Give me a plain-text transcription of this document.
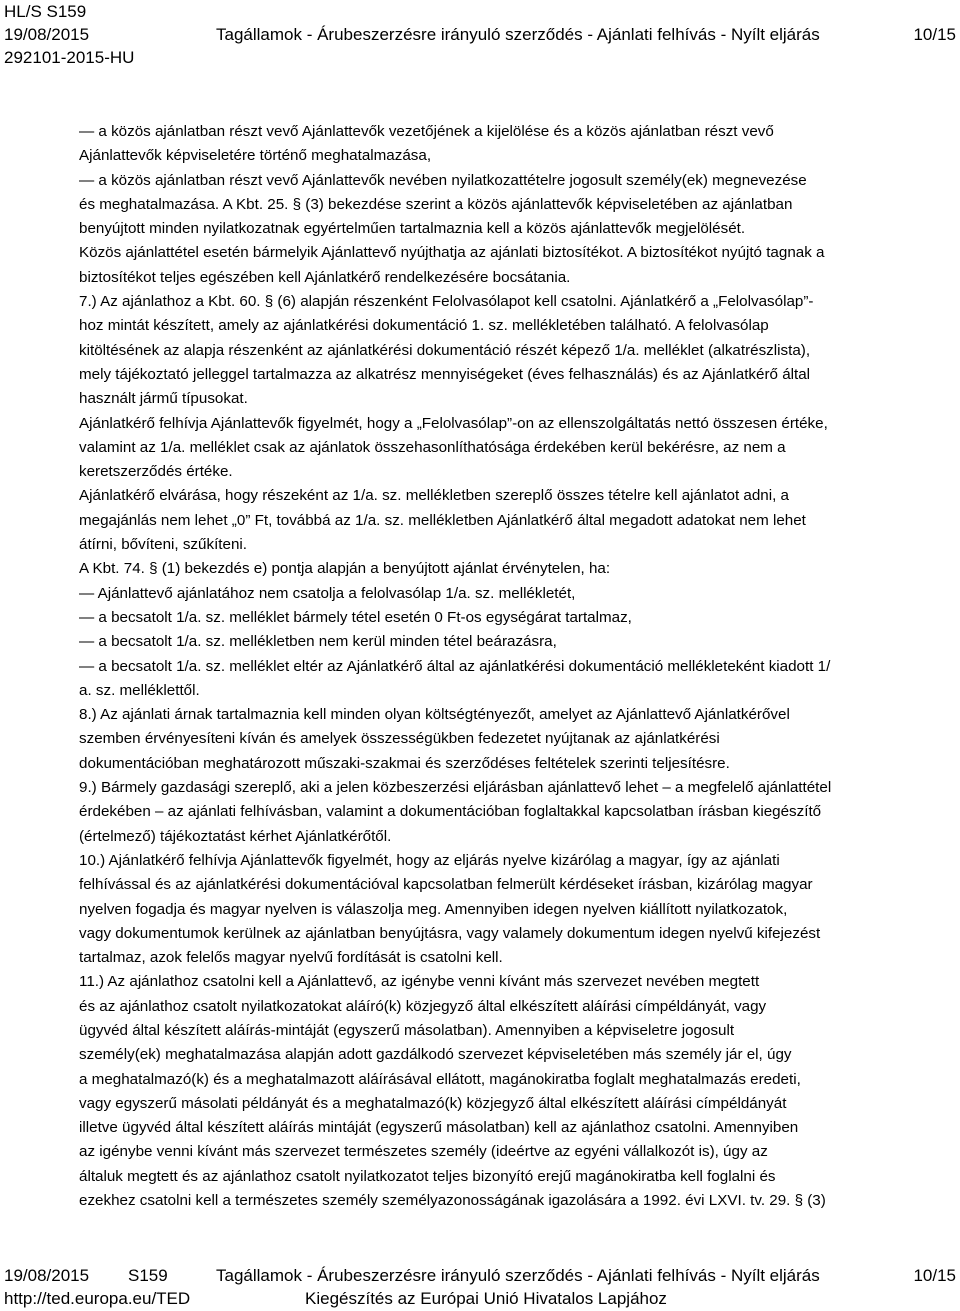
HL/S S159
19/08/2015	Tagállamok - Árubeszerzésre irányuló szerződés - Ajánlati felhívás - Nyílt eljárás	10/15
292101-2015-HU
— a közös ajánlatban részt vevő Ajánlattevők vezetőjének a kijelölése és a közös ajánlatban részt vevő
Ajánlattevők képviseletére történő meghatalmazása,
— a közös ajánlatban részt vevő Ajánlattevők nevében nyilatkozattételre jogosult személy(ek) megnevezése
és meghatalmazása. A Kbt. 25. § (3) bekezdése szerint a közös ajánlattevők képviseletében az ajánlatban
benyújtott minden nyilatkozatnak egyértelműen tartalmaznia kell a közös ajánlattevők megjelölését.
Közös ajánlattétel esetén bármelyik Ajánlattevő nyújthatja az ajánlati biztosítékot. A biztosítékot nyújtó tagnak a
biztosítékot teljes egészében kell Ajánlatkérő rendelkezésére bocsátania.
7.) Az ajánlathoz a Kbt. 60. § (6) alapján részenként Felolvasólapot kell csatolni. Ajánlatkérő a „Felolvasólap”-
hoz mintát készített, amely az ajánlatkérési dokumentáció 1. sz. mellékletében található. A felolvasólap
kitöltésének az alapja részenként az ajánlatkérési dokumentáció részét képező 1/a. melléklet (alkatrészlista),
mely tájékoztató jelleggel tartalmazza az alkatrész mennyiségeket (éves felhasználás) és az Ajánlatkérő által
használt jármű típusokat.
Ajánlatkérő felhívja Ajánlattevők figyelmét, hogy a „Felolvasólap”-on az ellenszolgáltatás nettó összesen értéke,
valamint az 1/a. melléklet csak az ajánlatok összehasonlíthatósága érdekében kerül bekérésre, az nem a
keretszerződés értéke.
Ajánlatkérő elvárása, hogy részeként az 1/a. sz. mellékletben szereplő összes tételre kell ajánlatot adni, a
megajánlás nem lehet „0” Ft, továbbá az 1/a. sz. mellékletben Ajánlatkérő által megadott adatokat nem lehet
átírni, bővíteni, szűkíteni.
A Kbt. 74. § (1) bekezdés e) pontja alapján a benyújtott ajánlat érvénytelen, ha:
— Ajánlattevő ajánlatához nem csatolja a felolvasólap 1/a. sz. mellékletét,
— a becsatolt 1/a. sz. melléklet bármely tétel esetén 0 Ft-os egységárat tartalmaz,
— a becsatolt 1/a. sz. mellékletben nem kerül minden tétel beárazásra,
— a becsatolt 1/a. sz. melléklet eltér az Ajánlatkérő által az ajánlatkérési dokumentáció mellékleteként kiadott 1/
a. sz. melléklettől.
8.) Az ajánlati árnak tartalmaznia kell minden olyan költségtényezőt, amelyet az Ajánlattevő Ajánlatkérővel
szemben érvényesíteni kíván és amelyek összességükben fedezetet nyújtanak az ajánlatkérési
dokumentációban meghatározott műszaki-szakmai és szerződéses feltételek szerinti teljesítésre.
9.) Bármely gazdasági szereplő, aki a jelen közbeszerzési eljárásban ajánlattevő lehet – a megfelelő ajánlattétel
érdekében – az ajánlati felhívásban, valamint a dokumentációban foglaltakkal kapcsolatban írásban kiegészítő
(értelmező) tájékoztatást kérhet Ajánlatkérőtől.
10.) Ajánlatkérő felhívja Ajánlattevők figyelmét, hogy az eljárás nyelve kizárólag a magyar, így az ajánlati
felhívással és az ajánlatkérési dokumentációval kapcsolatban felmerült kérdéseket írásban, kizárólag magyar
nyelven fogadja és magyar nyelven is válaszolja meg. Amennyiben idegen nyelven kiállított nyilatkozatok,
vagy dokumentumok kerülnek az ajánlatban benyújtásra, vagy valamely dokumentum idegen nyelvű kifejezést
tartalmaz, azok felelős magyar nyelvű fordítását is csatolni kell.
11.) Az ajánlathoz csatolni kell a Ajánlattevő, az igénybe venni kívánt más szervezet nevében megtett
és az ajánlathoz csatolt nyilatkozatokat aláíró(k) közjegyző által elkészített aláírási címpéldányát, vagy
ügyvéd által készített aláírás-mintáját (egyszerű másolatban). Amennyiben a képviseletre jogosult
személy(ek) meghatalmazása alapján adott gazdálkodó szervezet képviseletében más személy jár el, úgy
a meghatalmazó(k) és a meghatalmazott aláírásával ellátott, magánokiratba foglalt meghatalmazás eredeti,
vagy egyszerű másolati példányát és a meghatalmazó(k) közjegyző által elkészített aláírási címpéldányát
illetve ügyvéd által készített aláírás mintáját (egyszerű másolatban) kell az ajánlathoz csatolni. Amennyiben
az igénybe venni kívánt más szervezet természetes személy (ideértve az egyéni vállalkozót is), úgy az
általuk megtett és az ajánlathoz csatolt nyilatkozatot teljes bizonyító erejű magánokiratba kell foglalni és
ezekhez csatolni kell a természetes személy személyazonosságának igazolására a 1992. évi LXVI. tv. 29. § (3)
19/08/2015 S159	Tagállamok - Árubeszerzésre irányuló szerződés - Ajánlati felhívás - Nyílt eljárás	10/15
http://ted.europa.eu/TED	Kiegészítés az Európai Unió Hivatalos Lapjához
